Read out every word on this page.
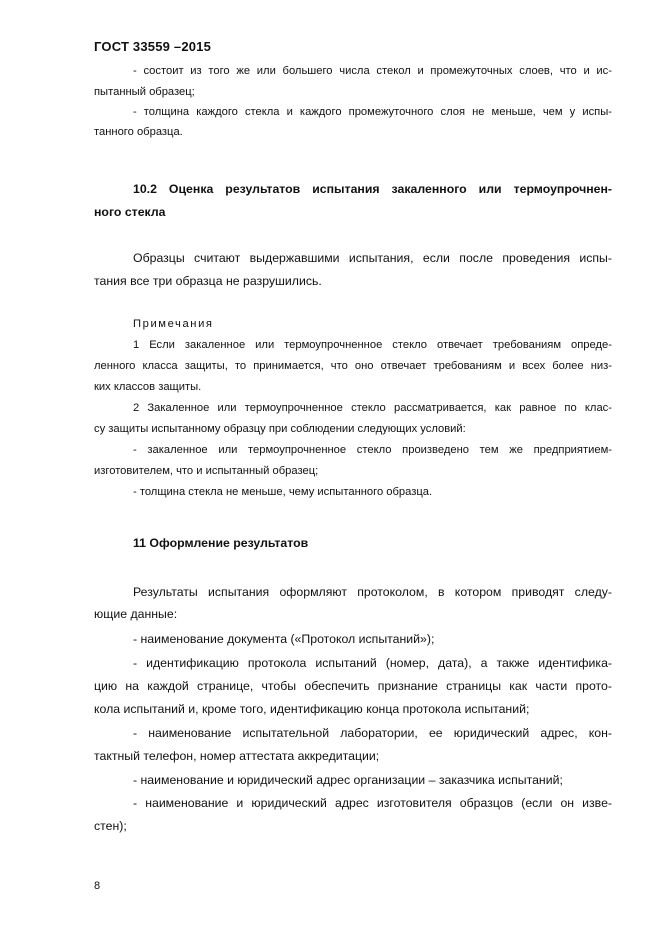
ГОСТ 33559 –2015
- состоит из того же или большего числа стекол и промежуточных слоев, что и ис-
пытанный образец;
- толщина каждого стекла и каждого промежуточного слоя не меньше, чем у испы-
танного образца.
10.2 Оценка результатов испытания закаленного или термоупрочнен-
ного стекла
Образцы считают выдержавшими испытания, если после проведения испы-
тания все три образца не разрушились.
Примечания
1 Если закаленное или термоупрочненное стекло отвечает требованиям опреде-
ленного класса защиты, то принимается, что оно отвечает требованиям и всех более низ-
ких классов защиты.
2 Закаленное или термоупрочненное стекло рассматривается, как равное по клас-
су защиты испытанному образцу при соблюдении следующих условий:
- закаленное или термоупрочненное стекло произведено тем же предприятием-
изготовителем, что и испытанный образец;
- толщина стекла не меньше, чему испытанного образца.
11 Оформление результатов
Результаты испытания оформляют протоколом, в котором приводят следу-
ющие данные:
- наименование документа («Протокол испытаний»);
- идентификацию протокола испытаний (номер, дата), а также идентифика-
цию на каждой странице, чтобы обеспечить признание страницы как части прото-
кола испытаний и, кроме того, идентификацию конца протокола испытаний;
- наименование испытательной лаборатории, ее юридический адрес, кон-
тактный телефон, номер аттестата аккредитации;
- наименование и юридический адрес организации – заказчика испытаний;
- наименование и юридический адрес изготовителя образцов (если он изве-
стен);
8
